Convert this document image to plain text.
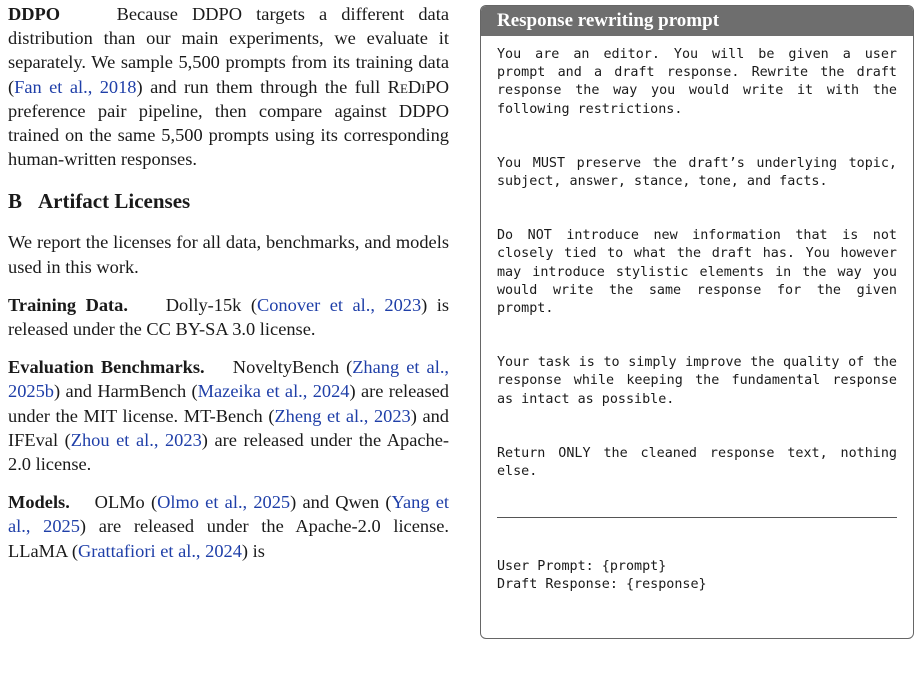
DDPO	Because DDPO targets a different data distribution than our main experiments, we evaluate it separately. We sample 5,500 prompts from its training data (Fan et al., 2018) and run them through the full ReDiPO preference pair pipeline, then compare against DDPO trained on the same 5,500 prompts using its corresponding human-written responses.

B Artifact Licenses

We report the licenses for all data, benchmarks, and models used in this work.

Training Data. Dolly-15k (Conover et al., 2023) is released under the CC BY-SA 3.0 license.

Evaluation Benchmarks. NoveltyBench (Zhang et al., 2025b) and HarmBench (Mazeika et al., 2024) are released under the MIT license. MT-Bench (Zheng et al., 2023) and IFEval (Zhou et al., 2023) are released under the Apache-2.0 license.

Models. OLMo (Olmo et al., 2025) and Qwen (Yang et al., 2025) are released under the Apache-2.0 license. LLaMA (Grattafiori et al., 2024) is

Response rewriting prompt

You are an editor. You will be given a user prompt and a draft response. Rewrite the draft response the way you would write it with the following restrictions.

You MUST preserve the draft’s underlying topic, subject, answer, stance, tone, and facts.

Do NOT introduce new information that is not closely tied to what the draft has. You however may introduce stylistic elements in the way you would write the same response for the given prompt.

Your task is to simply improve the quality of the response while keeping the fundamental response as intact as possible.

Return ONLY the cleaned response text, nothing else.

User Prompt: {prompt}

Draft Response: {response}
